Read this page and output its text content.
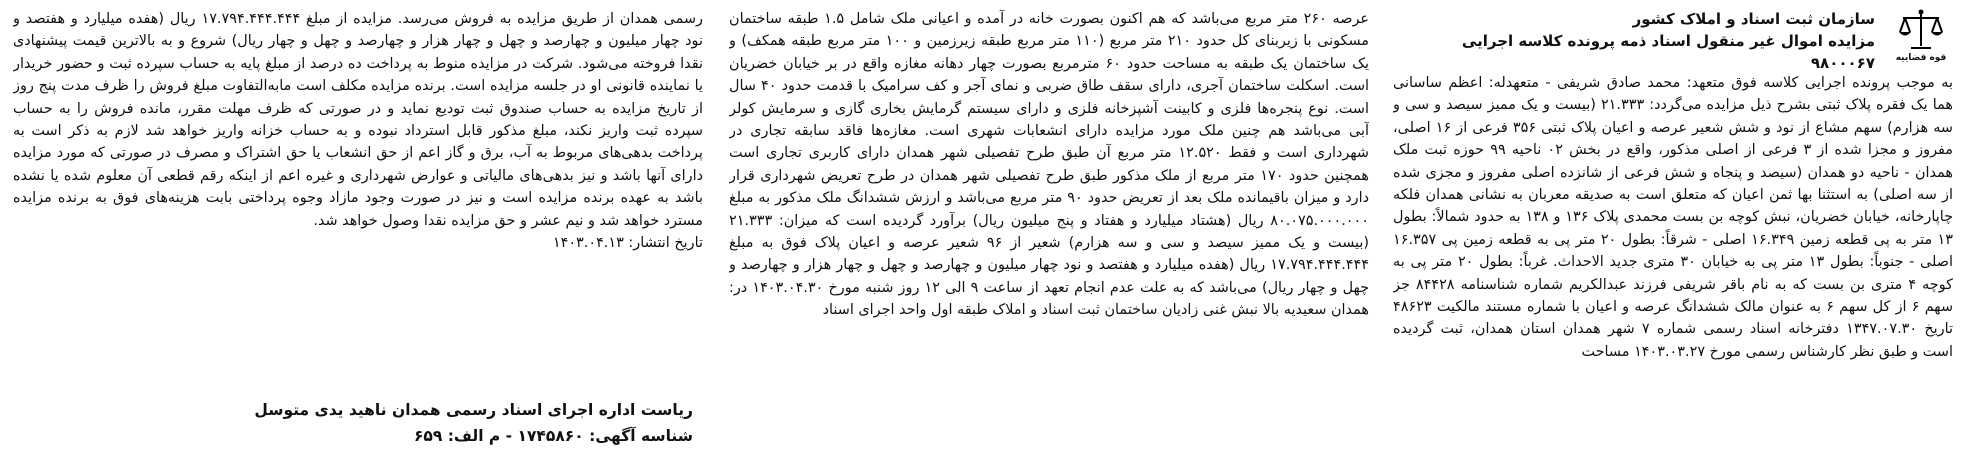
قوه قضاییه
سازمان ثبت اسناد و املاک کشور
مزایده اموال غیر منقول اسناد ذمه پرونده کلاسه اجرایی ۹۸۰۰۰۶۷

به موجب پرونده اجرایی کلاسه فوق متعهد: محمد صادق شریفی - متعهدله: اعظم ساسانی هما یک فقره پلاک ثبتی بشرح ذیل مزایده می‌گردد: ۲۱.۳۳۳ (بیست و یک ممیز سیصد و سی و سه هزارم) سهم مشاع از نود و شش شعیر عرصه و اعیان پلاک ثبتی ۳۵۶ فرعی از ۱۶ اصلی، مفروز و مجزا شده از ۳ فرعی از اصلی مذکور، واقع در بخش ۰۲ ناحیه ۹۹ حوزه ثبت ملک همدان - ناحیه دو همدان (سیصد و پنجاه و شش فرعی از شانزده اصلی مفروز و مجزی شده از سه اصلی) به استثنا بها ثمن اعیان که متعلق است به صدیقه معربان به نشانی همدان فلکه چاپارخانه، خیابان خضریان، نبش کوچه بن بست محمدی پلاک ۱۳۶ و ۱۳۸ به حدود شمالاً: بطول ۱۳ متر به پی قطعه زمین ۱۶.۳۴۹ اصلی - شرقاً: بطول ۲۰ متر پی به قطعه زمین پی ۱۶.۳۵۷ اصلی - جنوباً: بطول ۱۳ متر پی به خیابان ۳۰ متری جدید الاحداث. غرباً: بطول ۲۰ متر پی به کوچه ۴ متری بن بست که به نام باقر شریفی فرزند عبدالکریم شماره شناسنامه ۸۴۴۲۸ جز سهم ۶ از کل سهم ۶ به عنوان مالک ششدانگ عرصه و اعیان با شماره مستند مالکیت ۴۸۶۲۳ تاریخ ۱۳۴۷.۰۷.۳۰ دفترخانه اسناد رسمی شماره ۷ شهر همدان استان همدان، ثبت گردیده است و طبق نظر کارشناس رسمی مورخ ۱۴۰۳.۰۳.۲۷ مساحت

عرصه ۲۶۰ متر مربع می‌باشد که هم اکنون بصورت خانه در آمده و اعیانی ملک شامل ۱.۵ طبقه ساختمان مسکونی با زیربنای کل حدود ۲۱۰ متر مربع (۱۱۰ متر مربع طبقه زیرزمین و ۱۰۰ متر مربع طبقه همکف) و یک ساختمان یک طبقه به مساحت حدود ۶۰ مترمربع بصورت چهار دهانه مغازه واقع در بر خیابان خضریان است. اسکلت ساختمان آجری، دارای سقف طاق ضربی و نمای آجر و کف سرامیک با قدمت حدود ۴۰ سال است. نوع پنجره‌ها فلزی و کابینت آشپزخانه فلزی و دارای سیستم گرمایش بخاری گازی و سرمایش کولر آبی می‌باشد هم چنین ملک مورد مزایده دارای انشعابات شهری است. مغازه‌ها فاقد سابقه تجاری در شهرداری است و فقط ۱۲.۵۲۰ متر مربع آن طبق طرح تفصیلی شهر همدان دارای کاربری تجاری است همچنین حدود ۱۷۰ متر مربع از ملک مذکور طبق طرح تفصیلی شهر همدان در طرح تعریض شهرداری قرار دارد و میزان باقیمانده ملک بعد از تعریض حدود ۹۰ متر مربع می‌باشد و ارزش ششدانگ ملک مذکور به مبلغ ۸۰.۰۷۵.۰۰۰.۰۰۰ ریال (هشتاد میلیارد و هفتاد و پنج میلیون ریال) برآورد گردیده است که میزان: ۲۱.۳۳۳ (بیست و یک ممیز سیصد و سی و سه هزارم) شعیر از ۹۶ شعیر عرصه و اعیان پلاک فوق به مبلغ ۱۷.۷۹۴.۴۴۴.۴۴۴ ریال (هفده میلیارد و هفتصد و نود چهار میلیون و چهارصد و چهل و چهار هزار و چهارصد و چهل و چهار ریال) می‌باشد که به علت عدم انجام تعهد از ساعت ۹ الی ۱۲ روز شنبه مورخ ۱۴۰۳.۰۴.۳۰ در: همدان سعیدیه بالا نبش غنی زادیان ساختمان ثبت اسناد و املاک طبقه اول واحد اجرای اسناد

رسمی همدان از طریق مزایده به فروش می‌رسد. مزایده از مبلغ ۱۷.۷۹۴.۴۴۴.۴۴۴ ریال (هفده میلیارد و هفتصد و نود چهار میلیون و چهارصد و چهل و چهار هزار و چهارصد و چهل و چهار ریال) شروع و به بالاترین قیمت پیشنهادی نقدا فروخته می‌شود. شرکت در مزایده منوط به پرداخت ده درصد از مبلغ پایه به حساب سپرده ثبت و حضور خریدار یا نماینده قانونی او در جلسه مزایده است. برنده مزایده مکلف است مابه‌التفاوت مبلغ فروش را ظرف مدت پنج روز از تاریخ مزایده به حساب صندوق ثبت تودیع نماید و در صورتی که ظرف مهلت مقرر، مانده فروش را به حساب سپرده ثبت واریز نکند، مبلغ مذکور قابل استرداد نبوده و به حساب خزانه واریز خواهد شد لازم به ذکر است به پرداخت بدهی‌های مربوط به آب، برق و گاز اعم از حق انشعاب یا حق اشتراک و مصرف در صورتی که مورد مزایده دارای آنها باشد و نیز بدهی‌های مالیاتی و عوارض شهرداری و غیره اعم از اینکه رقم قطعی آن معلوم شده یا نشده باشد به عهده برنده مزایده است و نیز در صورت وجود مازاد وجوه پرداختی بابت هزینه‌های فوق به برنده مزایده مسترد خواهد شد و نیم عشر و حق مزایده نقدا وصول خواهد شد.

تاریخ انتشار: ۱۴۰۳.۰۴.۱۳

ریاست اداره اجرای اسناد رسمی همدان ناهید یدی متوسل
شناسه آگهی: ۱۷۴۵۸۶۰ - م الف: ۶۵۹
